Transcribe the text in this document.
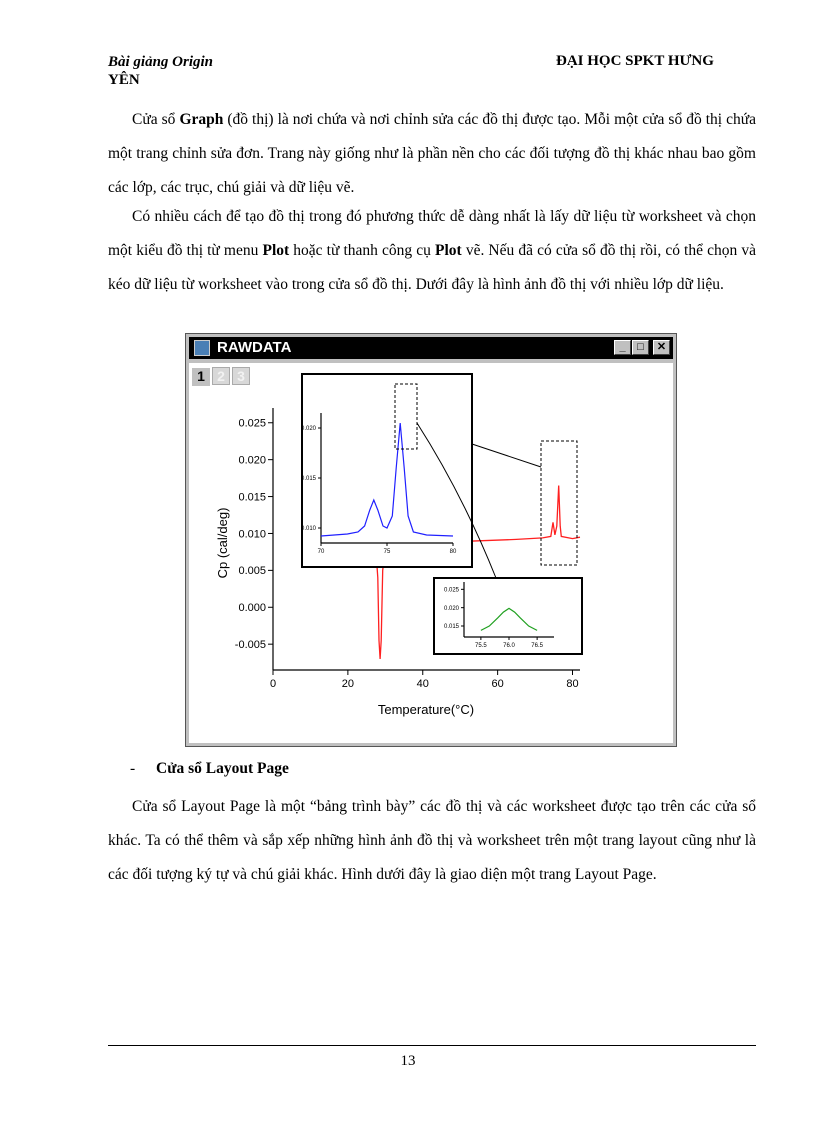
Bài giảng Origin
YÊN
ĐẠI HỌC SPKT HƯNG
Cửa sổ Graph (đồ thị) là nơi chứa và nơi chỉnh sửa các đồ thị được tạo. Mỗi một cửa sổ đồ thị chứa một trang chỉnh sửa đơn. Trang này giống như là phần nền cho các đối tượng đồ thị khác nhau bao gồm các lớp, các trục, chú giải và dữ liệu vẽ.
Có nhiều cách để tạo đồ thị trong đó phương thức dễ dàng nhất là lấy dữ liệu từ worksheet và chọn một kiểu đồ thị từ menu Plot hoặc từ thanh công cụ Plot vẽ. Nếu đã có cửa sổ đồ thị rồi, có thể chọn và kéo dữ liệu từ worksheet vào trong cửa sổ đồ thị. Dưới đây là hình ảnh đồ thị với nhiều lớp dữ liệu.
RAWDATA	_	□	✕
0	20	40	60	80
0.025
0.020
0.015
0.010
0.005
0.000
-0.005
Temperature(°C)
Cp (cal/deg)	70	75	80
0.020
0.015
0.010
75.5	76.0	76.5
0.025
0.020
0.015
1 2 3
- Cửa sổ Layout Page
Cửa sổ Layout Page là một “bảng trình bày” các đồ thị và các worksheet được tạo trên các cửa sổ khác. Ta có thể thêm và sắp xếp những hình ảnh đồ thị và worksheet trên một trang layout cũng như là các đối tượng ký tự và chú giải khác. Hình dưới đây là giao diện một trang Layout Page.
13
